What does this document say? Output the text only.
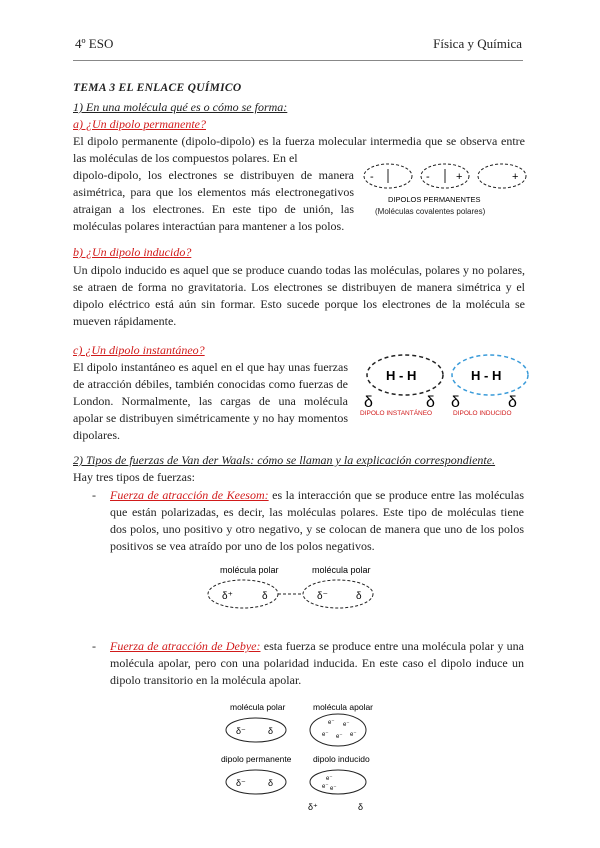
4º ESO	Física y Química
TEMA 3 EL ENLACE QUÍMICO
1) En una molécula qué es o cómo se forma:
a) ¿Un dipolo permanente?
El dipolo permanente (dipolo-dipolo) es la fuerza molecular intermedia que se observa entre las moléculas de los compuestos polares. En el
dipolo-dipolo, los electrones se distribuyen de manera asimétrica, para que los elementos más electronegativos atraigan a los electrones. En este tipo de unión, las moléculas polares interactúan para mantener a los polos.
-	- +	+
DIPOLOS PERMANENTES
(Moléculas covalentes polares)
b) ¿Un dipolo inducido?
Un dipolo inducido es aquel que se produce cuando todas las moléculas, polares y no polares, se atraen de forma no gravitatoria. Los electrones se distribuyen de manera simétrica y el dipolo eléctrico está aún sin formar. Esto sucede porque los electrones de la molécula se mueven rápidamente.
c) ¿Un dipolo instantáneo?
El dipolo instantáneo es aquel en el que hay unas fuerzas de atracción débiles, también conocidas como fuerzas de London. Normalmente, las cargas de una molécula apolar se distribuyen simétricamente y no hay momentos dipolares.
H - H	H - H
δ	δ δ	δ
DIPOLO INSTANTÁNEO	DIPOLO INDUCIDO
2) Tipos de fuerzas de Van der Waals: cómo se llaman y la explicación correspondiente.
Hay tres tipos de fuerzas:
- Fuerza de atracción de Keesom: es la interacción que se produce entre las moléculas que están polarizadas, es decir, las moléculas polares. Este tipo de moléculas tiene dos polos, uno positivo y otro negativo, y se colocan de manera que uno de los polos positivos se vea atraído por uno de los polos negativos.
molécula polar	molécula polar
δ⁺	δ	δ⁻	δ
- Fuerza de atracción de Debye: esta fuerza se produce entre una molécula polar y una molécula apolar, pero con una polaridad inducida. En este caso el dipolo induce un dipolo transitorio en la molécula apolar.
molécula polar	molécula apolar
δ⁻ δ
e⁻ e⁻
e⁻ e⁻ e⁻
dipolo permanente	dipolo inducido
δ⁻ δ	e⁻
e⁻ e⁻
δ⁺	δ
